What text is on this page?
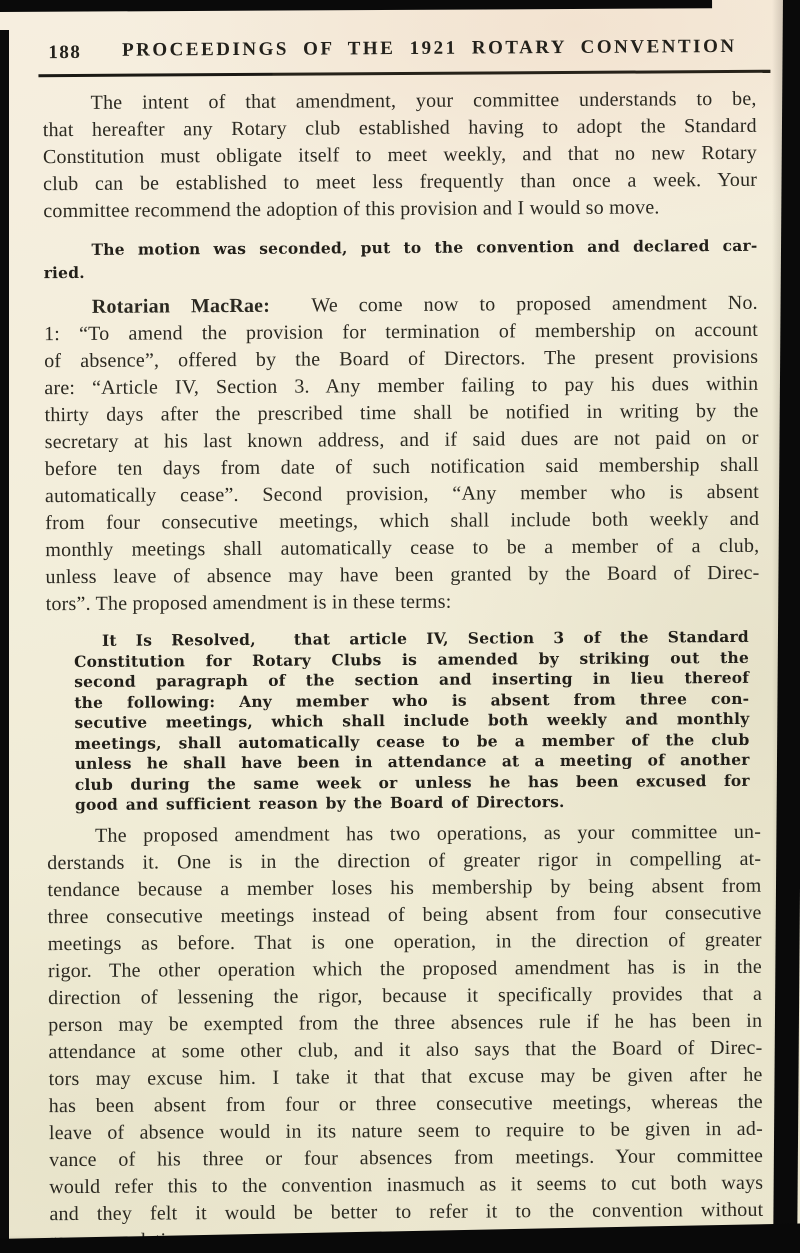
188	PROCEEDINGS OF THE 1921 ROTARY CONVENTION
The intent of that amendment, your committee understands to be,
that hereafter any Rotary club established having to adopt the Standard
Constitution must obligate itself to meet weekly, and that no new Rotary
club can be established to meet less frequently than once a week. Your
committee recommend the adoption of this provision and I would so move.
The motion was seconded, put to the convention and declared car-
ried.
Rotarian MacRae:  We come now to proposed amendment No.
1: “To amend the provision for termination of membership on account
of absence”, offered by the Board of Directors. The present provisions
are: “Article IV, Section 3. Any member failing to pay his dues within
thirty days after the prescribed time shall be notified in writing by the
secretary at his last known address, and if said dues are not paid on or
before ten days from date of such notification said membership shall
automatically cease”. Second provision, “Any member who is absent
from four consecutive meetings, which shall include both weekly and
monthly meetings shall automatically cease to be a member of a club,
unless leave of absence may have been granted by the Board of Direc-
tors”. The proposed amendment is in these terms:
It Is Resolved,  that article IV, Section 3 of the Standard
Constitution for Rotary Clubs is amended by striking out the
second paragraph of the section and inserting in lieu thereof
the following: Any member who is absent from three con-
secutive meetings, which shall include both weekly and monthly
meetings, shall automatically cease to be a member of the club
unless he shall have been in attendance at a meeting of another
club during the same week or unless he has been excused for
good and sufficient reason by the Board of Directors.
The proposed amendment has two operations, as your committee un-
derstands it. One is in the direction of greater rigor in compelling at-
tendance because a member loses his membership by being absent from
three consecutive meetings instead of being absent from four consecutive
meetings as before. That is one operation, in the direction of greater
rigor. The other operation which the proposed amendment has is in the
direction of lessening the rigor, because it specifically provides that a
person may be exempted from the three absences rule if he has been in
attendance at some other club, and it also says that the Board of Direc-
tors may excuse him. I take it that that excuse may be given after he
has been absent from four or three consecutive meetings, whereas the
leave of absence would in its nature seem to require to be given in ad-
vance of his three or four absences from meetings. Your committee
would refer this to the convention inasmuch as it seems to cut both ways
and they felt it would be better to refer it to the convention without
